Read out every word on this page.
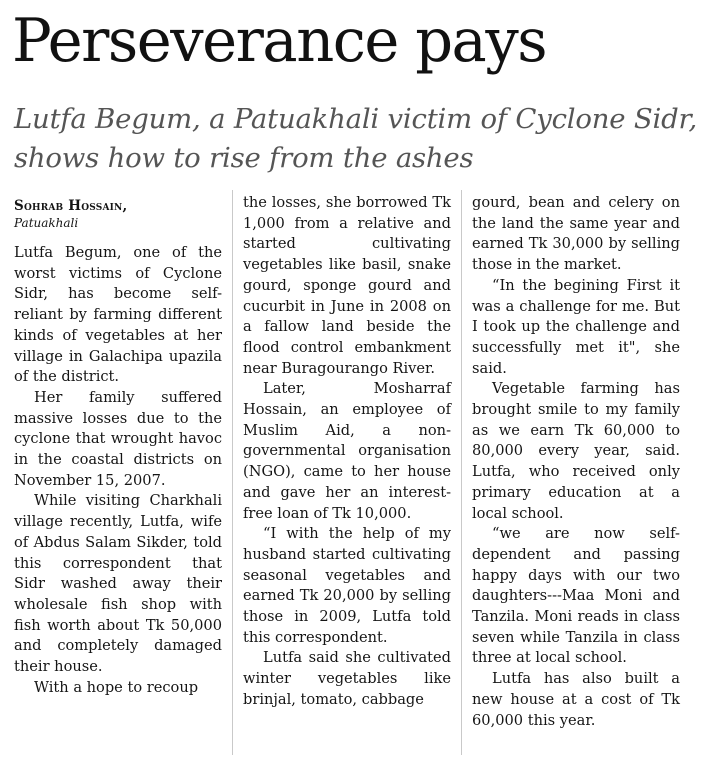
Perseverance pays
Lutfa Begum, a Patuakhali victim of Cyclone Sidr, shows how to rise from the ashes
Sohrab Hossain,
Patuakhali

Lutfa Begum, one of the worst victims of Cyclone Sidr, has become self-reliant by farming different kinds of vegetables at her village in Galachipa upazila of the district.

Her family suffered massive losses due to the cyclone that wrought havoc in the coastal districts on November 15, 2007.

While visiting Charkhali village recently, Lutfa, wife of Abdus Salam Sikder, told this correspondent that Sidr washed away their wholesale fish shop with fish worth about Tk 50,000 and completely damaged their house.

With a hope to recoup

the losses, she borrowed Tk 1,000 from a relative and started cultivating vegetables like basil, snake gourd, sponge gourd and cucurbit in June in 2008 on a fallow land beside the flood control embankment near Buragourango River.

Later, Mosharraf Hossain, an employee of Muslim Aid, a non-governmental organisation (NGO), came to her house and gave her an interest-free loan of Tk 10,000.

“I with the help of my husband started cultivating seasonal vegetables and earned Tk 20,000 by selling those in 2009, Lutfa told this correspondent.

Lutfa said she cultivated winter vegetables like brinjal, tomato, cabbage

gourd, bean and celery on the land the same year and earned Tk 30,000 by selling those in the market.

“In the begining First it was a challenge for me. But I took up the challenge and successfully met it", she said.

Vegetable farming has brought smile to my family as we earn Tk 60,000 to 80,000 every year, said. Lutfa, who received only primary education at a local school.

“we are now self-dependent and passing happy days with our two daughters---Maa Moni and Tanzila. Moni reads in class seven while Tanzila in class three at local school.

Lutfa has also built a new house at a cost of Tk 60,000 this year.
